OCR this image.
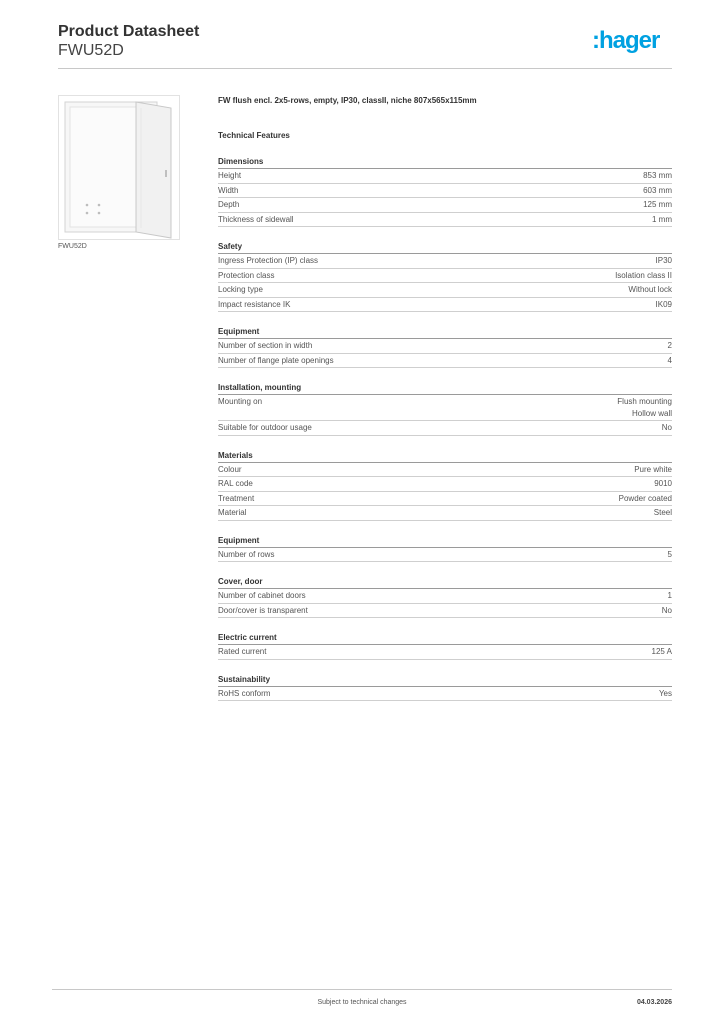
Product Datasheet
FWU52D	:hager
FWU52D
FW flush encl. 2x5-rows, empty, IP30, classII, niche 807x565x115mm
Technical Features
Dimensions
Height	853 mm
Width	603 mm
Depth	125 mm
Thickness of sidewall	1 mm
Safety
Ingress Protection (IP) class	IP30
Protection class	Isolation class II
Locking type	Without lock
Impact resistance IK	IK09
Equipment
Number of section in width	2
Number of flange plate openings	4
Installation, mounting
Mounting on	Flush mounting
Hollow wall
Suitable for outdoor usage	No
Materials
Colour	Pure white
RAL code	9010
Treatment	Powder coated
Material	Steel
Equipment
Number of rows	5
Cover, door
Number of cabinet doors	1
Door/cover is transparent	No
Electric current
Rated current	125 A
Sustainability
RoHS conform	Yes
Subject to technical changes	04.03.2026
